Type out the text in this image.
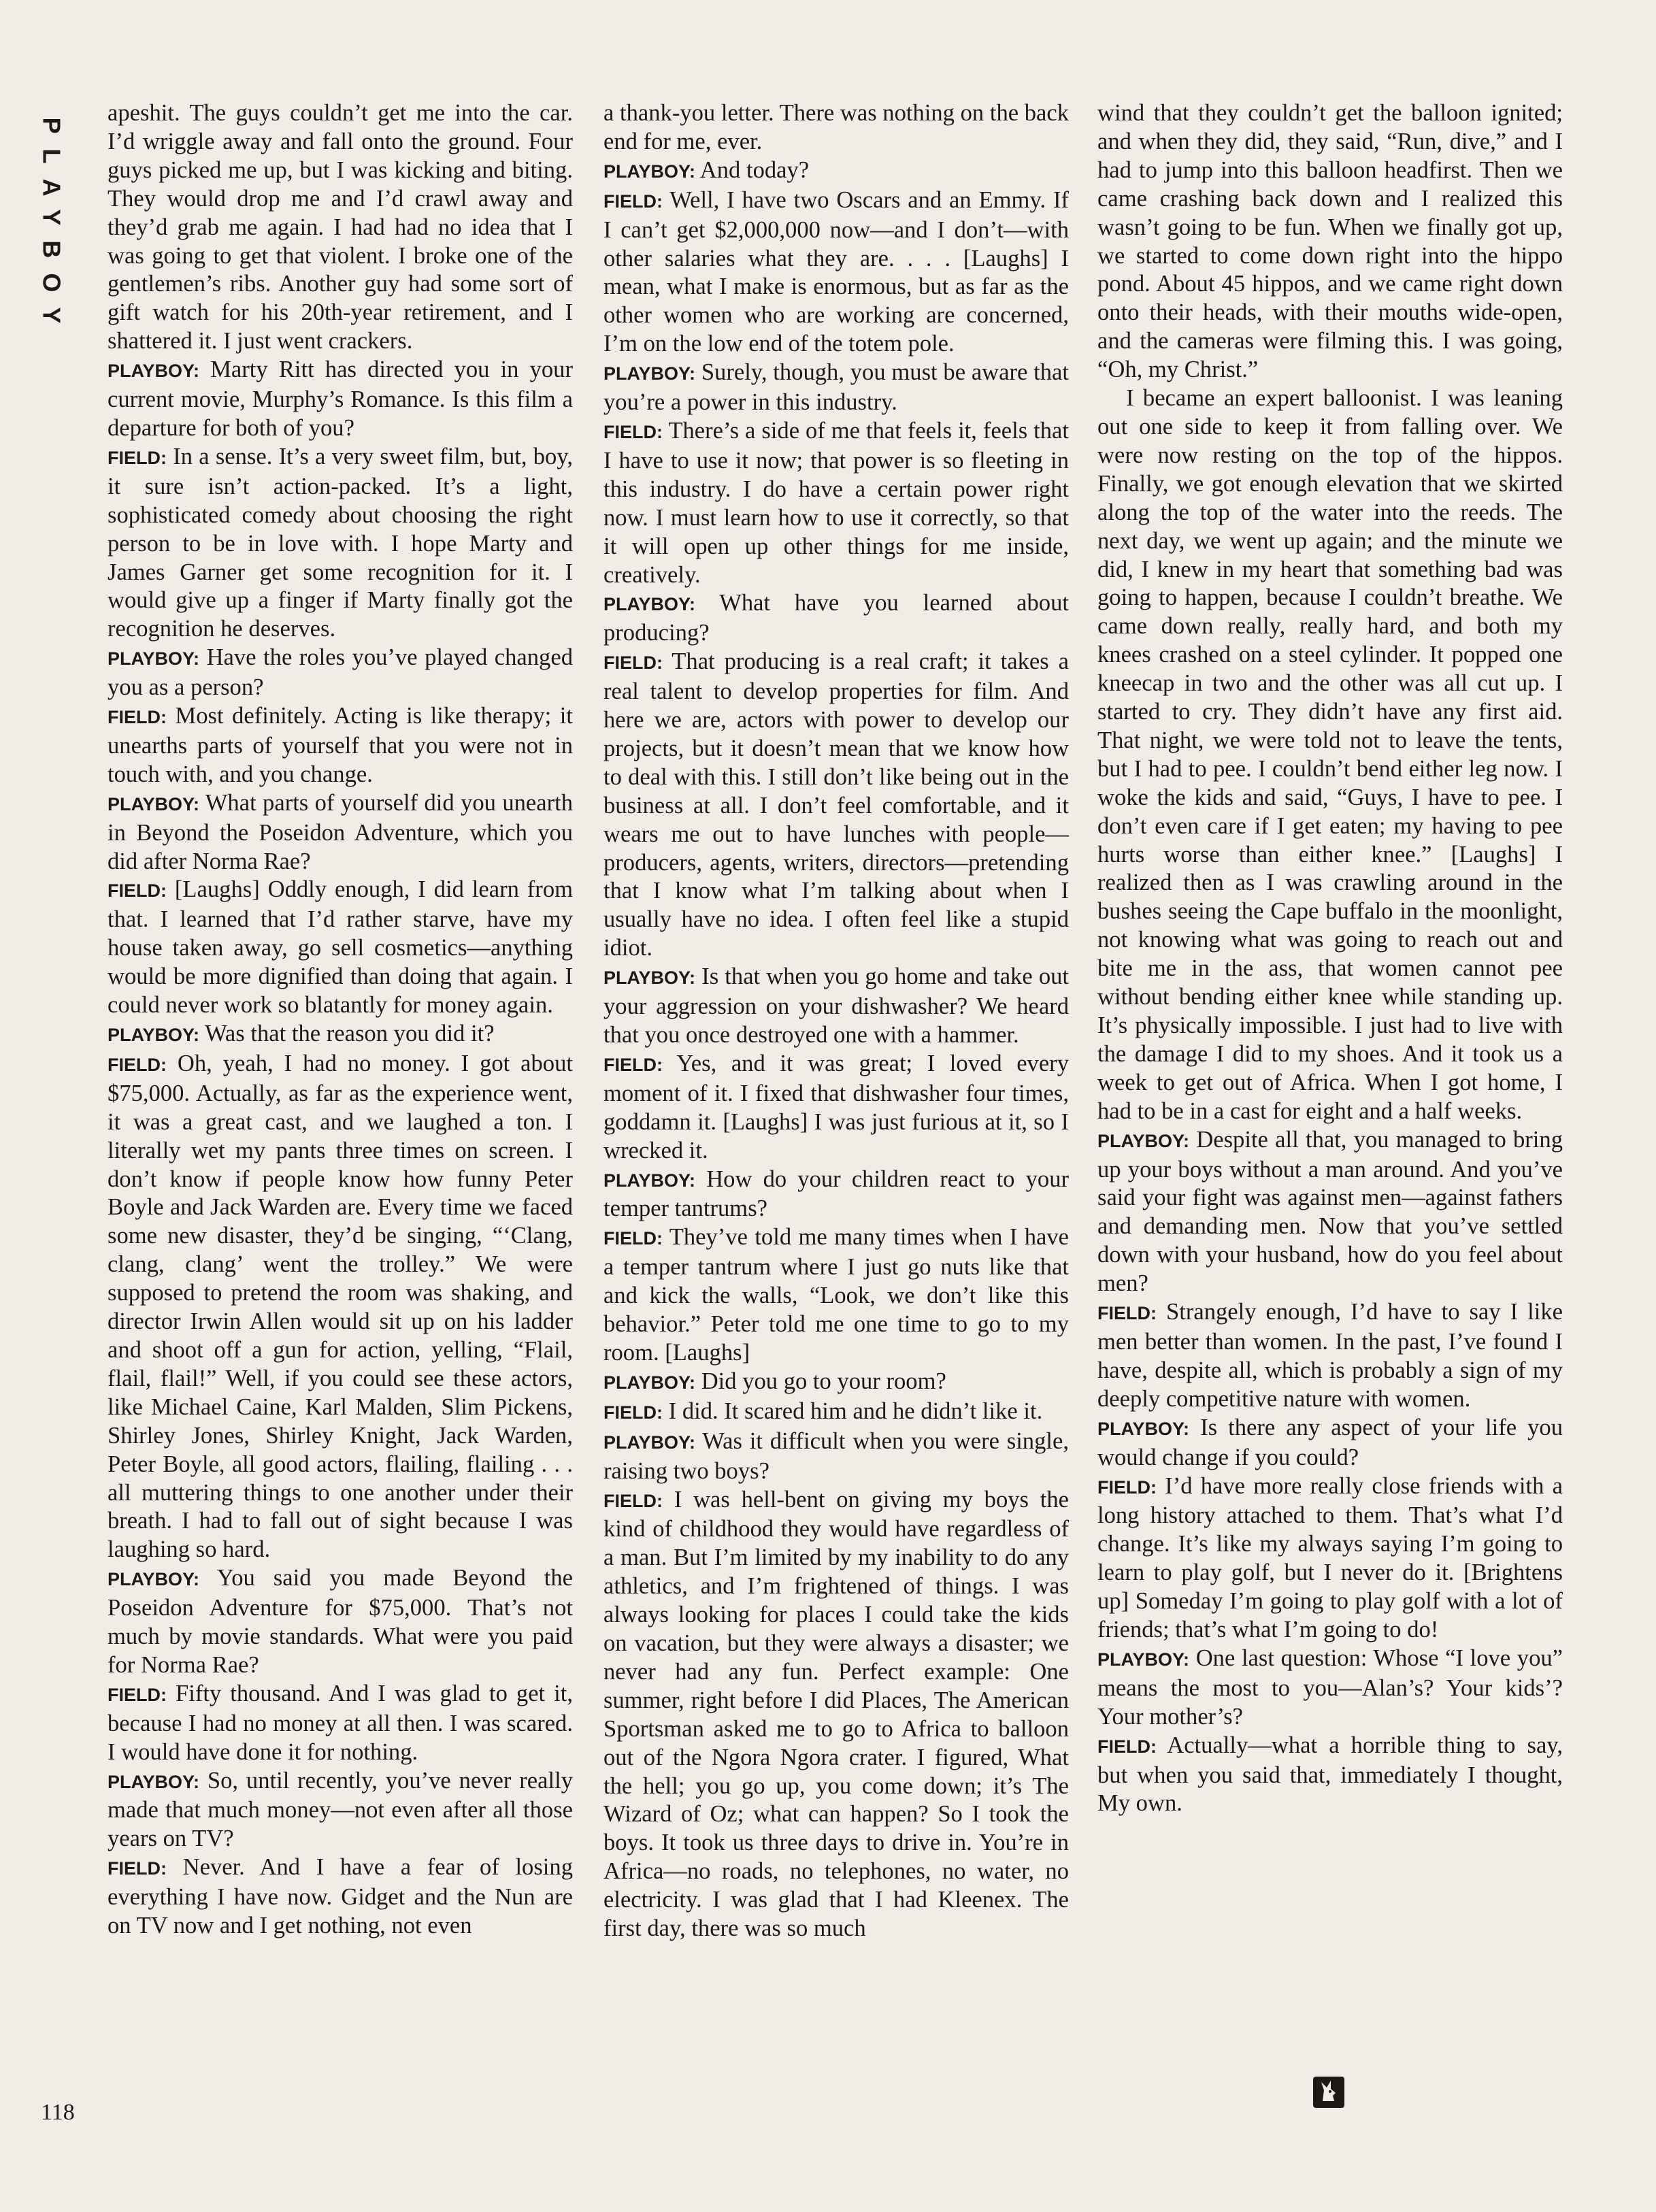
PLAYBOY

apeshit. The guys couldn’t get me into the car. I’d wriggle away and fall onto the ground. Four guys picked me up, but I was kicking and biting. They would drop me and I’d crawl away and they’d grab me again. I had had no idea that I was going to get that violent. I broke one of the gentlemen’s ribs. Another guy had some sort of gift watch for his 20th-year retirement, and I shattered it. I just went crackers.

PLAYBOY: Marty Ritt has directed you in your current movie, Murphy’s Romance. Is this film a departure for both of you?

FIELD: In a sense. It’s a very sweet film, but, boy, it sure isn’t action-packed. It’s a light, sophisticated comedy about choosing the right person to be in love with. I hope Marty and James Garner get some recognition for it. I would give up a finger if Marty finally got the recognition he deserves.

PLAYBOY: Have the roles you’ve played changed you as a person?

FIELD: Most definitely. Acting is like therapy; it unearths parts of yourself that you were not in touch with, and you change.

PLAYBOY: What parts of yourself did you unearth in Beyond the Poseidon Adventure, which you did after Norma Rae?

FIELD: [Laughs] Oddly enough, I did learn from that. I learned that I’d rather starve, have my house taken away, go sell cosmetics—anything would be more dignified than doing that again. I could never work so blatantly for money again.

PLAYBOY: Was that the reason you did it?

FIELD: Oh, yeah, I had no money. I got about $75,000. Actually, as far as the experience went, it was a great cast, and we laughed a ton. I literally wet my pants three times on screen. I don’t know if people know how funny Peter Boyle and Jack Warden are. Every time we faced some new disaster, they’d be singing, “‘Clang, clang, clang’ went the trolley.” We were supposed to pretend the room was shaking, and director Irwin Allen would sit up on his ladder and shoot off a gun for action, yelling, “Flail, flail, flail!” Well, if you could see these actors, like Michael Caine, Karl Malden, Slim Pickens, Shirley Jones, Shirley Knight, Jack Warden, Peter Boyle, all good actors, flailing, flailing . . . all muttering things to one another under their breath. I had to fall out of sight because I was laughing so hard.

PLAYBOY: You said you made Beyond the Poseidon Adventure for $75,000. That’s not much by movie standards. What were you paid for Norma Rae?

FIELD: Fifty thousand. And I was glad to get it, because I had no money at all then. I was scared. I would have done it for nothing.

PLAYBOY: So, until recently, you’ve never really made that much money—not even after all those years on TV?

FIELD: Never. And I have a fear of losing everything I have now. Gidget and the Nun are on TV now and I get nothing, not even

a thank-you letter. There was nothing on the back end for me, ever.

PLAYBOY: And today?

FIELD: Well, I have two Oscars and an Emmy. If I can’t get $2,000,000 now—and I don’t—with other salaries what they are. . . . [Laughs] I mean, what I make is enormous, but as far as the other women who are working are concerned, I’m on the low end of the totem pole.

PLAYBOY: Surely, though, you must be aware that you’re a power in this industry.

FIELD: There’s a side of me that feels it, feels that I have to use it now; that power is so fleeting in this industry. I do have a certain power right now. I must learn how to use it correctly, so that it will open up other things for me inside, creatively.

PLAYBOY: What have you learned about producing?

FIELD: That producing is a real craft; it takes a real talent to develop properties for film. And here we are, actors with power to develop our projects, but it doesn’t mean that we know how to deal with this. I still don’t like being out in the business at all. I don’t feel comfortable, and it wears me out to have lunches with people—producers, agents, writers, directors—pretending that I know what I’m talking about when I usually have no idea. I often feel like a stupid idiot.

PLAYBOY: Is that when you go home and take out your aggression on your dishwasher? We heard that you once destroyed one with a hammer.

FIELD: Yes, and it was great; I loved every moment of it. I fixed that dishwasher four times, goddamn it. [Laughs] I was just furious at it, so I wrecked it.

PLAYBOY: How do your children react to your temper tantrums?

FIELD: They’ve told me many times when I have a temper tantrum where I just go nuts like that and kick the walls, “Look, we don’t like this behavior.” Peter told me one time to go to my room. [Laughs]

PLAYBOY: Did you go to your room?

FIELD: I did. It scared him and he didn’t like it.

PLAYBOY: Was it difficult when you were single, raising two boys?

FIELD: I was hell-bent on giving my boys the kind of childhood they would have regardless of a man. But I’m limited by my inability to do any athletics, and I’m frightened of things. I was always looking for places I could take the kids on vacation, but they were always a disaster; we never had any fun. Perfect example: One summer, right before I did Places, The American Sportsman asked me to go to Africa to balloon out of the Ngora Ngora crater. I figured, What the hell; you go up, you come down; it’s The Wizard of Oz; what can happen? So I took the boys. It took us three days to drive in. You’re in Africa—no roads, no telephones, no water, no electricity. I was glad that I had Kleenex. The first day, there was so much

wind that they couldn’t get the balloon ignited; and when they did, they said, “Run, dive,” and I had to jump into this balloon headfirst. Then we came crashing back down and I realized this wasn’t going to be fun. When we finally got up, we started to come down right into the hippo pond. About 45 hippos, and we came right down onto their heads, with their mouths wide-open, and the cameras were filming this. I was going, “Oh, my Christ.”

I became an expert balloonist. I was leaning out one side to keep it from falling over. We were now resting on the top of the hippos. Finally, we got enough elevation that we skirted along the top of the water into the reeds. The next day, we went up again; and the minute we did, I knew in my heart that something bad was going to happen, because I couldn’t breathe. We came down really, really hard, and both my knees crashed on a steel cylinder. It popped one kneecap in two and the other was all cut up. I started to cry. They didn’t have any first aid. That night, we were told not to leave the tents, but I had to pee. I couldn’t bend either leg now. I woke the kids and said, “Guys, I have to pee. I don’t even care if I get eaten; my having to pee hurts worse than either knee.” [Laughs] I realized then as I was crawling around in the bushes seeing the Cape buffalo in the moonlight, not knowing what was going to reach out and bite me in the ass, that women cannot pee without bending either knee while standing up. It’s physically impossible. I just had to live with the damage I did to my shoes. And it took us a week to get out of Africa. When I got home, I had to be in a cast for eight and a half weeks.

PLAYBOY: Despite all that, you managed to bring up your boys without a man around. And you’ve said your fight was against men—against fathers and demanding men. Now that you’ve settled down with your husband, how do you feel about men?

FIELD: Strangely enough, I’d have to say I like men better than women. In the past, I’ve found I have, despite all, which is probably a sign of my deeply competitive nature with women.

PLAYBOY: Is there any aspect of your life you would change if you could?

FIELD: I’d have more really close friends with a long history attached to them. That’s what I’d change. It’s like my always saying I’m going to learn to play golf, but I never do it. [Brightens up] Someday I’m going to play golf with a lot of friends; that’s what I’m going to do!

PLAYBOY: One last question: Whose “I love you” means the most to you—Alan’s? Your kids’? Your mother’s?

FIELD: Actually—what a horrible thing to say, but when you said that, immediately I thought, My own.

118
